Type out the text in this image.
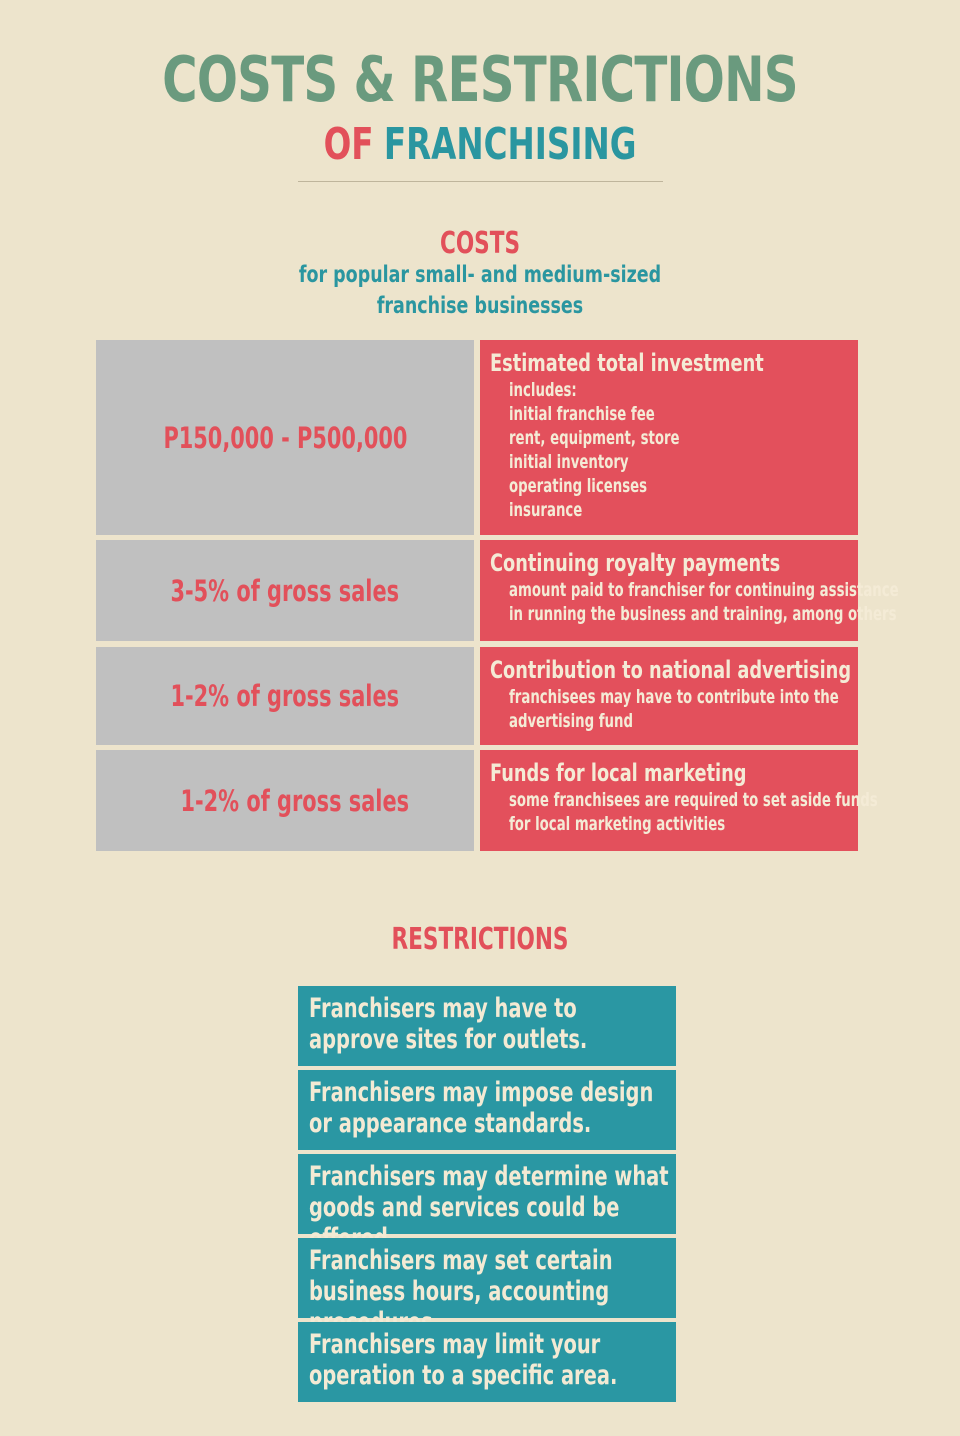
COSTS & RESTRICTIONS
OF FRANCHISING
COSTS
for popular small- and medium-sized
franchise businesses
P150,000 - P500,000
Estimated total investment
includes:
initial franchise fee
rent, equipment, store
initial inventory
operating licenses
insurance
3-5% of gross sales
Continuing royalty payments
amount paid to franchiser for continuing assistance
in running the business and training, among others
1-2% of gross sales
Contribution to national advertising
franchisees may have to contribute into the
advertising fund
1-2% of gross sales
Funds for local marketing
some franchisees are required to set aside funds
for local marketing activities
RESTRICTIONS
Franchisers may have to approve sites for outlets.
Franchisers may impose design or appearance standards.
Franchisers may determine what goods and services could be
Franchisers may set certain business hours, accounting
Franchisers may limit your operation to a specific area.
